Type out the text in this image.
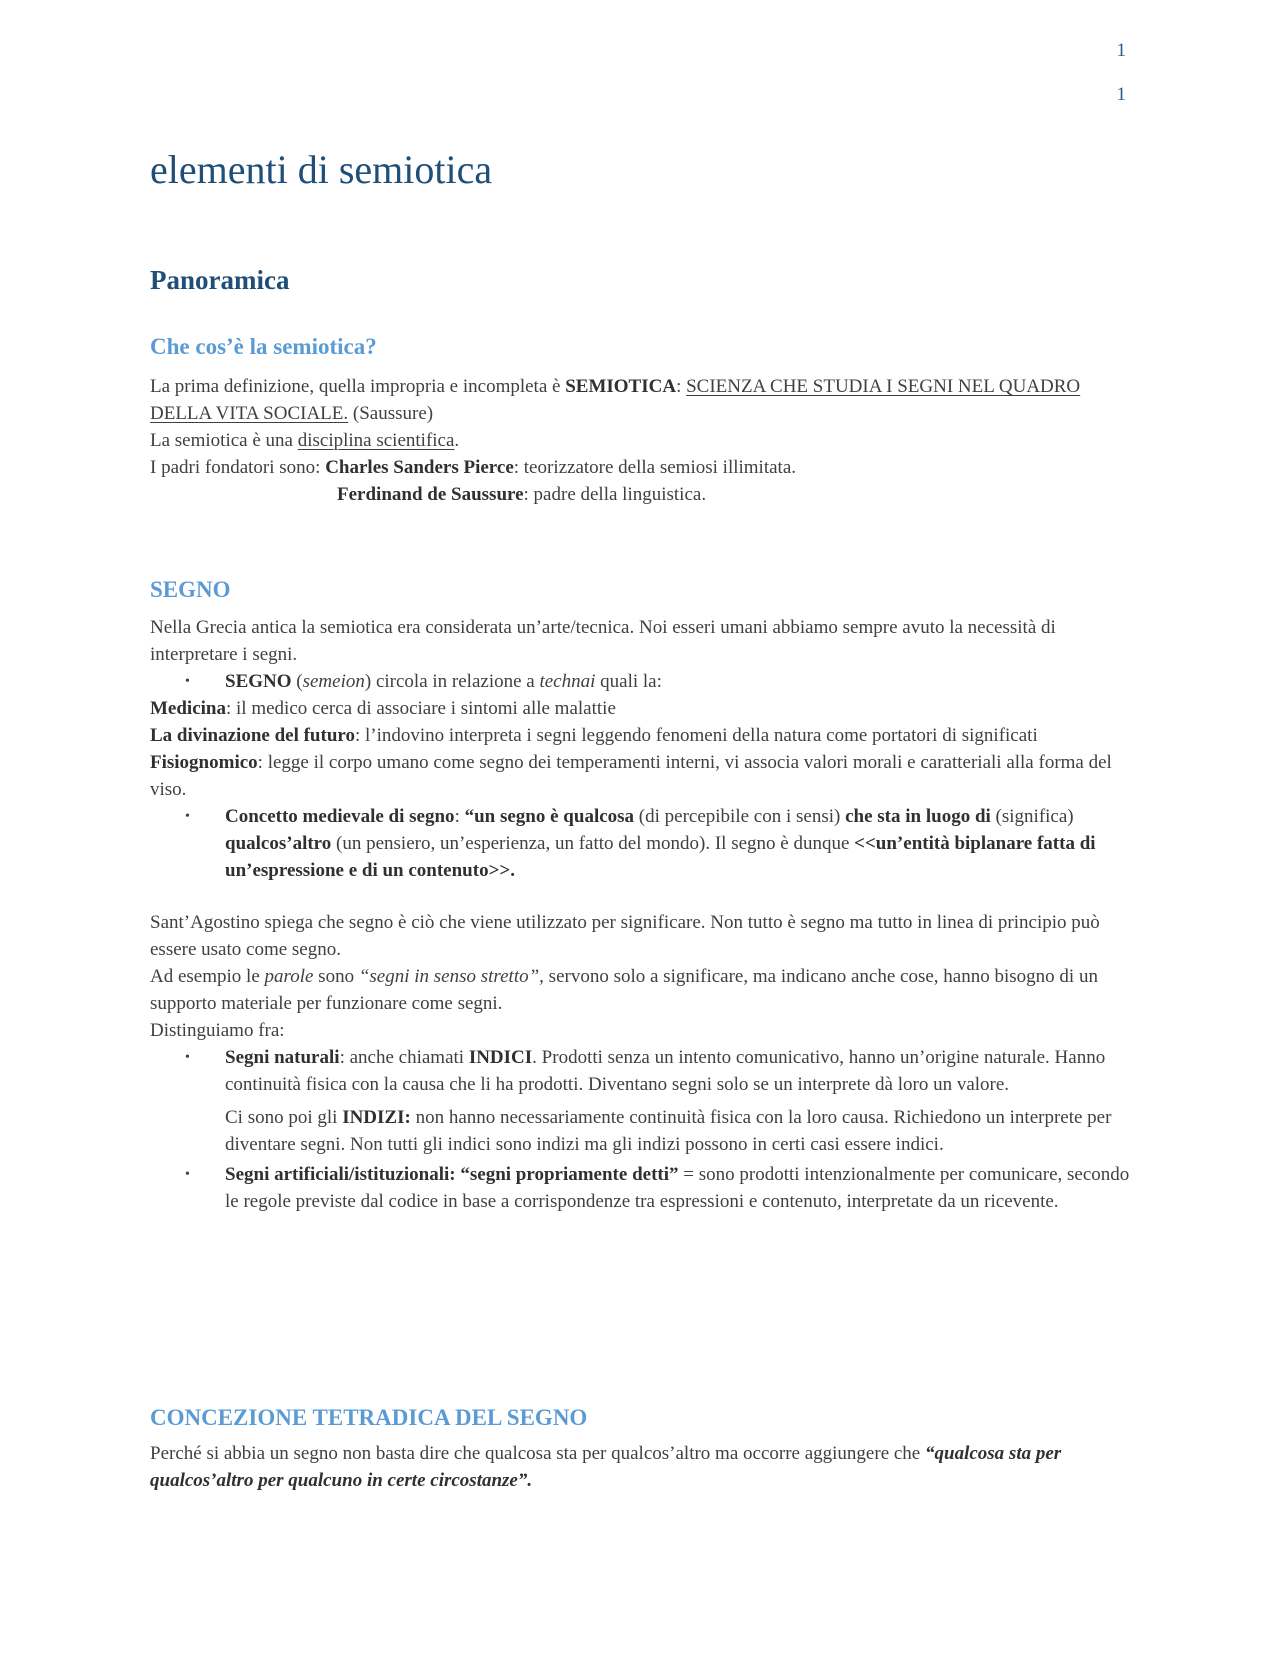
1
1
elementi di semiotica
Panoramica
Che cos’è la semiotica?

La prima definizione, quella impropria e incompleta è SEMIOTICA: SCIENZA CHE STUDIA I SEGNI NEL QUADRO DELLA VITA SOCIALE. (Saussure)

La semiotica è una disciplina scientifica.

I padri fondatori sono: Charles Sanders Pierce: teorizzatore della semiosi illimitata.

Ferdinand de Saussure: padre della linguistica.

SEGNO

Nella Grecia antica la semiotica era considerata un’arte/tecnica. Noi esseri umani abbiamo sempre avuto la necessità di interpretare i segni.

• SEGNO (semeion) circola in relazione a technai quali la:

Medicina: il medico cerca di associare i sintomi alle malattie

La divinazione del futuro: l’indovino interpreta i segni leggendo fenomeni della natura come portatori di significati

Fisiognomico: legge il corpo umano come segno dei temperamenti interni, vi associa valori morali e caratteriali alla forma del viso.

• Concetto medievale di segno: “un segno è qualcosa (di percepibile con i sensi) che sta in luogo di (significa) qualcos’altro (un pensiero, un’esperienza, un fatto del mondo). Il segno è dunque <<un’entità biplanare fatta di un’espressione e di un contenuto>>.

Sant’Agostino spiega che segno è ciò che viene utilizzato per significare. Non tutto è segno ma tutto in linea di principio può essere usato come segno.

Ad esempio le parole sono “segni in senso stretto”, servono solo a significare, ma indicano anche cose, hanno bisogno di un supporto materiale per funzionare come segni.

Distinguiamo fra:

• Segni naturali: anche chiamati INDICI. Prodotti senza un intento comunicativo, hanno un’origine naturale. Hanno continuità fisica con la causa che li ha prodotti. Diventano segni solo se un interprete dà loro un valore.

Ci sono poi gli INDIZI: non hanno necessariamente continuità fisica con la loro causa. Richiedono un interprete per diventare segni. Non tutti gli indici sono indizi ma gli indizi possono in certi casi essere indici.

• Segni artificiali/istituzionali: “segni propriamente detti” = sono prodotti intenzionalmente per comunicare, secondo le regole previste dal codice in base a corrispondenze tra espressioni e contenuto, interpretate da un ricevente.

CONCEZIONE TETRADICA DEL SEGNO

Perché si abbia un segno non basta dire che qualcosa sta per qualcos’altro ma occorre aggiungere che “qualcosa sta per qualcos’altro per qualcuno in certe circostanze”.
